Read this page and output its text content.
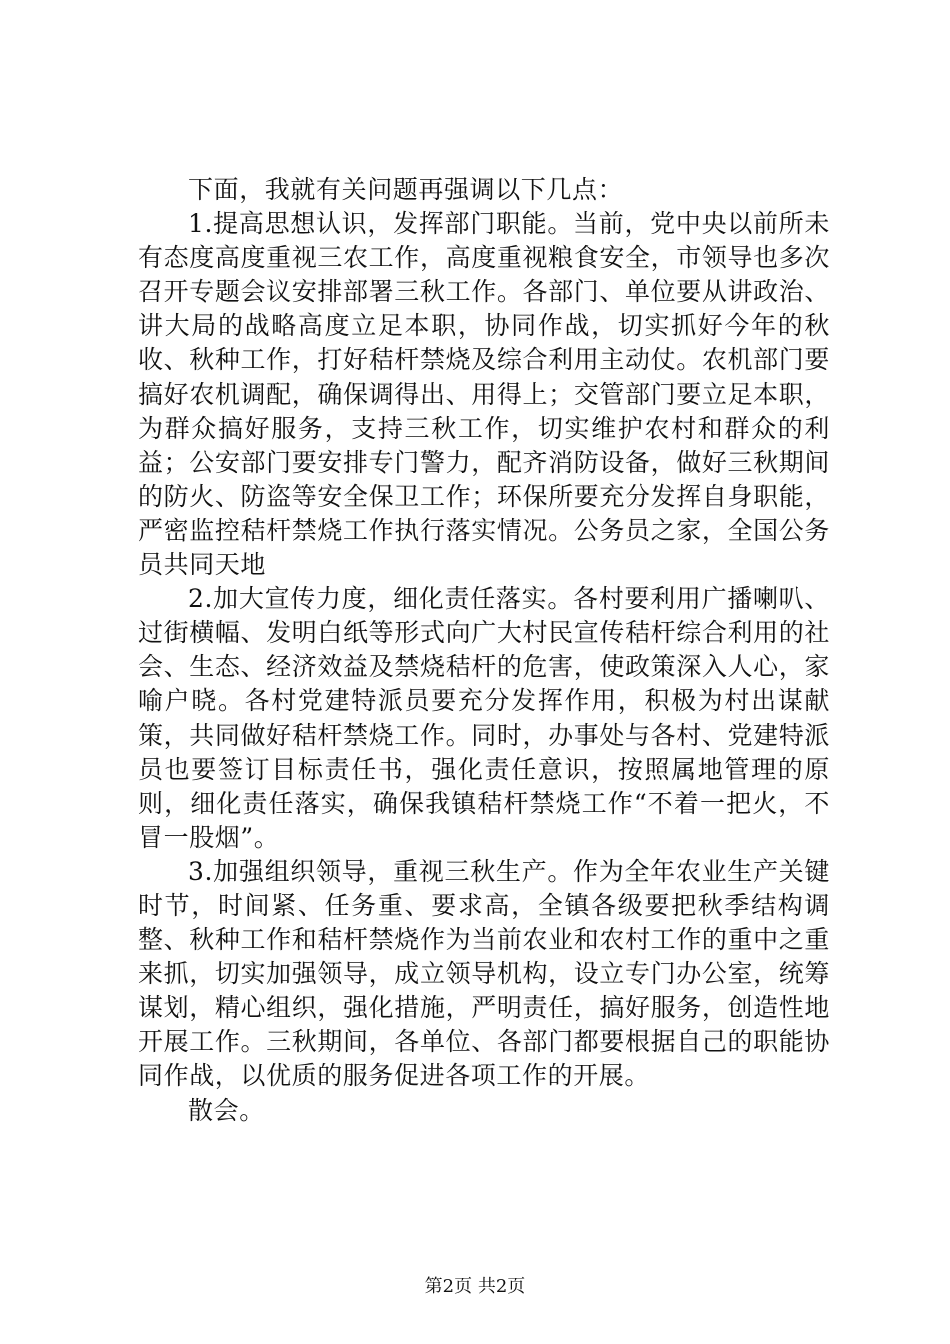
下面，我就有关问题再强调以下几点：

1.提高思想认识，发挥部门职能。当前，党中央以前所未有态度高度重视三农工作，高度重视粮食安全，市领导也多次召开专题会议安排部署三秋工作。各部门、单位要从讲政治、讲大局的战略高度立足本职，协同作战，切实抓好今年的秋收、秋种工作，打好秸杆禁烧及综合利用主动仗。农机部门要搞好农机调配，确保调得出、用得上；交管部门要立足本职，为群众搞好服务，支持三秋工作，切实维护农村和群众的利益；公安部门要安排专门警力，配齐消防设备，做好三秋期间的防火、防盗等安全保卫工作；环保所要充分发挥自身职能，严密监控秸杆禁烧工作执行落实情况。公务员之家，全国公务员共同天地

2.加大宣传力度，细化责任落实。各村要利用广播喇叭、过街横幅、发明白纸等形式向广大村民宣传秸杆综合利用的社会、生态、经济效益及禁烧秸杆的危害，使政策深入人心，家喻户晓。各村党建特派员要充分发挥作用，积极为村出谋献策，共同做好秸杆禁烧工作。同时，办事处与各村、党建特派员也要签订目标责任书，强化责任意识，按照属地管理的原则，细化责任落实，确保我镇秸杆禁烧工作“不着一把火，不冒一股烟”。

3.加强组织领导，重视三秋生产。作为全年农业生产关键时节，时间紧、任务重、要求高，全镇各级要把秋季结构调整、秋种工作和秸杆禁烧作为当前农业和农村工作的重中之重来抓，切实加强领导，成立领导机构，设立专门办公室，统筹谋划，精心组织，强化措施，严明责任，搞好服务，创造性地开展工作。三秋期间，各单位、各部门都要根据自己的职能协同作战，以优质的服务促进各项工作的开展。

散会。

第2页 共2页
